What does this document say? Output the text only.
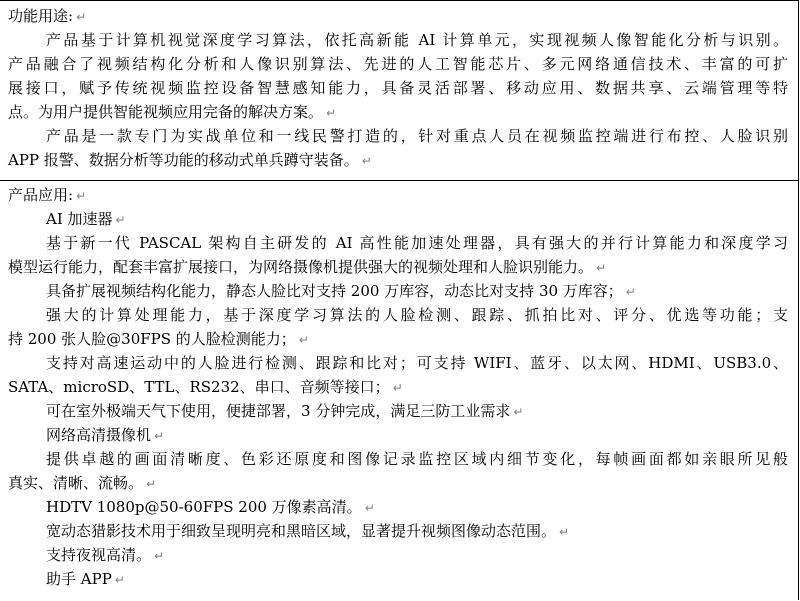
功能用途: ↵
产品基于计算机视觉深度学习算法，依托高新能 AI 计算单元，实现视频人像智能化分析与识别。
产品融合了视频结构化分析和人像识别算法、先进的人工智能芯片、多元网络通信技术、丰富的可扩
展接口，赋予传统视频监控设备智慧感知能力，具备灵活部署、移动应用、数据共享、云端管理等特
点。为用户提供智能视频应用完备的解决方案。 ↵
产品是一款专门为实战单位和一线民警打造的，针对重点人员在视频监控端进行布控、人脸识别
APP 报警、数据分析等功能的移动式单兵蹲守装备。 ↵
产品应用: ↵
AI 加速器 ↵
基于新一代 PASCAL 架构自主研发的 AI 高性能加速处理器，具有强大的并行计算能力和深度学习
模型运行能力，配套丰富扩展接口，为网络摄像机提供强大的视频处理和人脸识别能力。 ↵
具备扩展视频结构化能力，静态人脸比对支持 200 万库容，动态比对支持 30 万库容； ↵
强大的计算处理能力，基于深度学习算法的人脸检测、跟踪、抓拍比对、评分、优选等功能；支
持 200 张人脸@30FPS 的人脸检测能力； ↵
支持对高速运动中的人脸进行检测、跟踪和比对；可支持 WIFI、蓝牙、以太网、HDMI、USB3.0、
SATA、microSD、TTL、RS232、串口、音频等接口； ↵
可在室外极端天气下使用，便捷部署，3 分钟完成，满足三防工业需求 ↵
网络高清摄像机 ↵
提供卓越的画面清晰度、色彩还原度和图像记录监控区域内细节变化，每帧画面都如亲眼所见般
真实、清晰、流畅。 ↵
HDTV 1080p@50-60FPS 200 万像素高清。 ↵
宽动态猎影技术用于细致呈现明亮和黑暗区域，显著提升视频图像动态范围。 ↵
支持夜视高清。 ↵
助手 APP ↵
